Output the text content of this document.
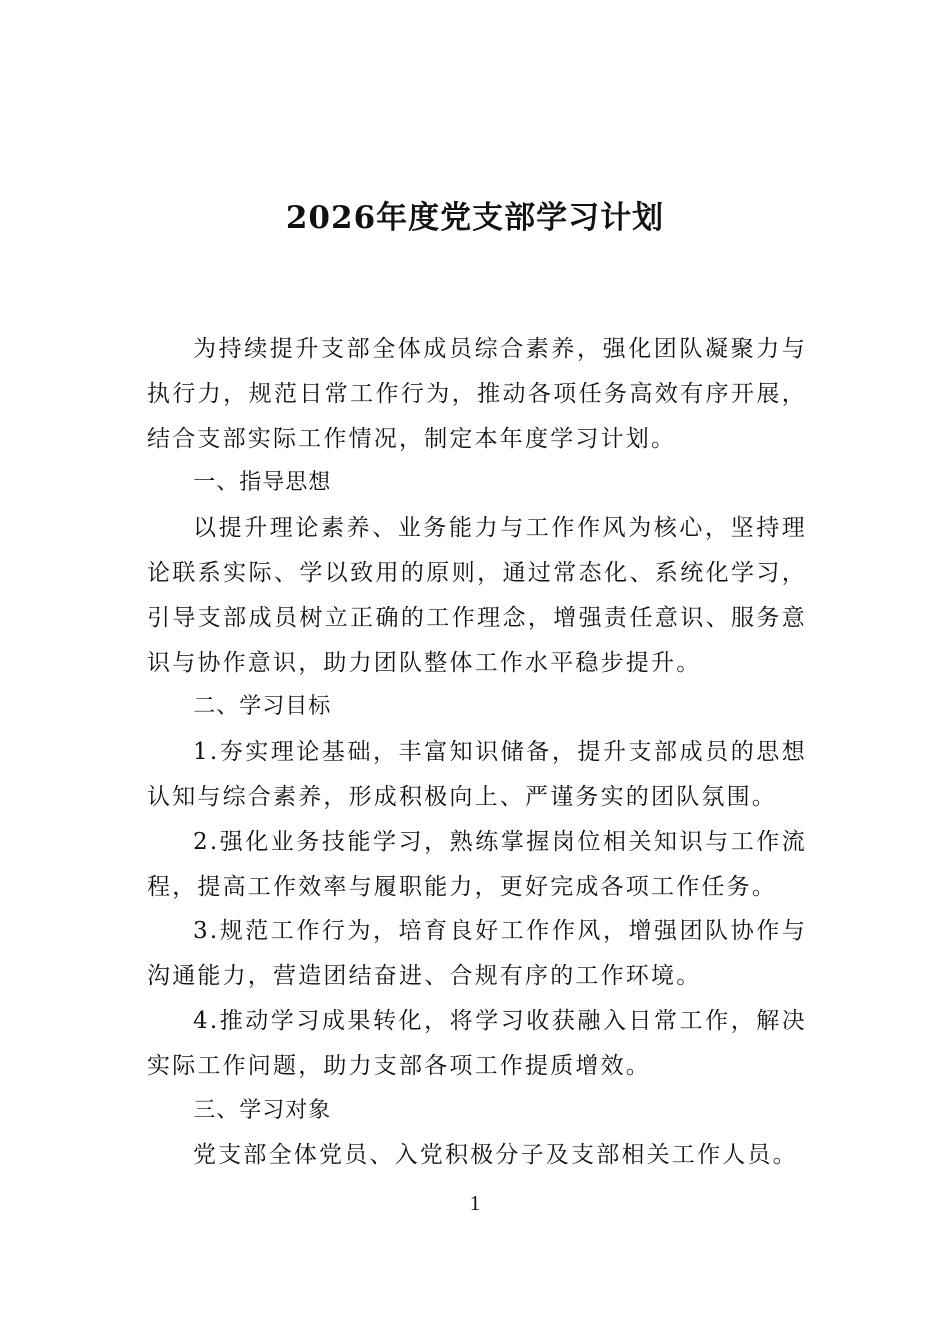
2026年度党支部学习计划

为持续提升支部全体成员综合素养，强化团队凝聚力与执行力，规范日常工作行为，推动各项任务高效有序开展，结合支部实际工作情况，制定本年度学习计划。

一、指导思想

以提升理论素养、业务能力与工作作风为核心，坚持理论联系实际、学以致用的原则，通过常态化、系统化学习，引导支部成员树立正确的工作理念，增强责任意识、服务意识与协作意识，助力团队整体工作水平稳步提升。

二、学习目标

1.夯实理论基础，丰富知识储备，提升支部成员的思想认知与综合素养，形成积极向上、严谨务实的团队氛围。

2.强化业务技能学习，熟练掌握岗位相关知识与工作流程，提高工作效率与履职能力，更好完成各项工作任务。

3.规范工作行为，培育良好工作作风，增强团队协作与沟通能力，营造团结奋进、合规有序的工作环境。

4.推动学习成果转化，将学习收获融入日常工作，解决实际工作问题，助力支部各项工作提质增效。

三、学习对象

党支部全体党员、入党积极分子及支部相关工作人员。

1
